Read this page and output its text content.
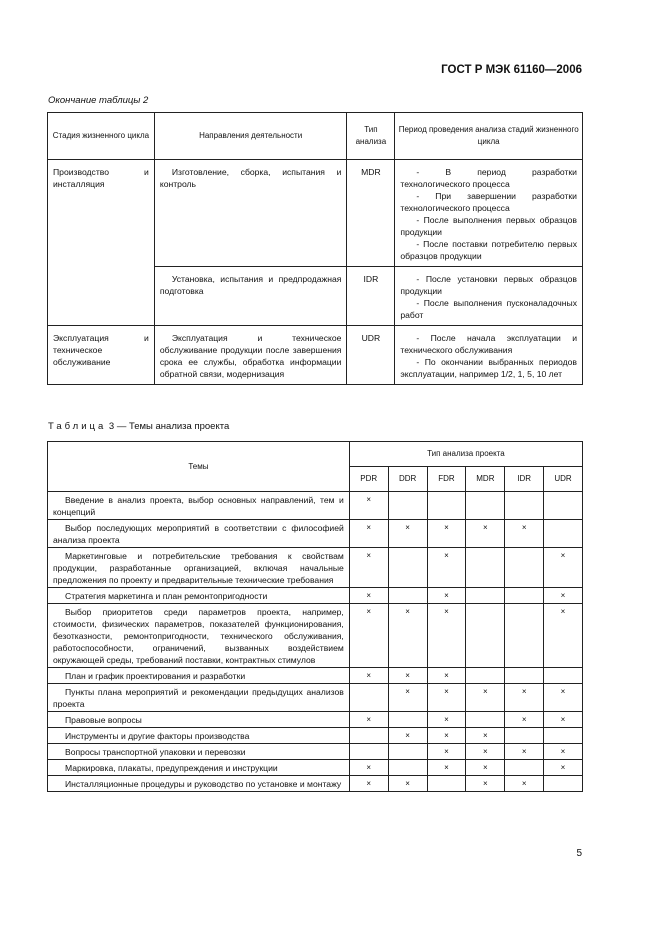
ГОСТ Р МЭК 61160—2006
Окончание таблицы 2
Стадия жизненного цикла	Направления деятельности	Тип анализа	Период проведения анализа стадий жизненного цикла
Производство и инсталляция	Изготовление, сборка, испытания и контроль	MDR	- В период разработки технологического процесса
- При завершении разработки технологического процесса
- После выполнения первых образцов продукции
- После поставки потребителю первых образцов продукции

	Установка, испытания и предпродажная подготовка	IDR	- После установки первых образцов продукции
- После выполнения пусконаладочных работ

Эксплуатация и техническое обслуживание	Эксплуатация и техническое обслуживание продукции после завершения срока ее службы, обработка информации обратной связи, модернизация	UDR	- После начала эксплуатации и технического обслуживания
- По окончании выбранных периодов эксплуатации, например 1/2, 1, 5, 10 лет
Таблица 3 — Темы анализа проекта
Темы	Тип анализа проекта					
	PDR	DDR	FDR	MDR	IDR	UDR

Введение в анализ проекта, выбор основных направлений, тем и концепций	×					

Выбор последующих мероприятий в соответствии с философией анализа проекта	×	×	×	×	×	

Маркетинговые и потребительские требования к свойствам продукции, разработанные организацией, включая начальные предложения по проекту и предварительные технические требования	×		×			×

Стратегия маркетинга и план ремонтопригодности	×		×			×

Выбор приоритетов среди параметров проекта, например, стоимости, физических параметров, показателей функционирования, безотказности, ремонтопригодности, технического обслуживания, работоспособности, ограничений, вызванных воздействием окружающей среды, требований поставки, контрактных стимулов	×	×	×			×

План и график проектирования и разработки	×	×	×			

Пункты плана мероприятий и рекомендации предыдущих анализов проекта		×	×	×	×	×

Правовые вопросы	×		×		×	×

Инструменты и другие факторы производства		×	×	×		

Вопросы транспортной упаковки и перевозки			×	×	×	×

Маркировка, плакаты, предупреждения и инструкции	×		×	×		×

Инсталляционные процедуры и руководство по установке и монтажу	×	×		×	×	
5
